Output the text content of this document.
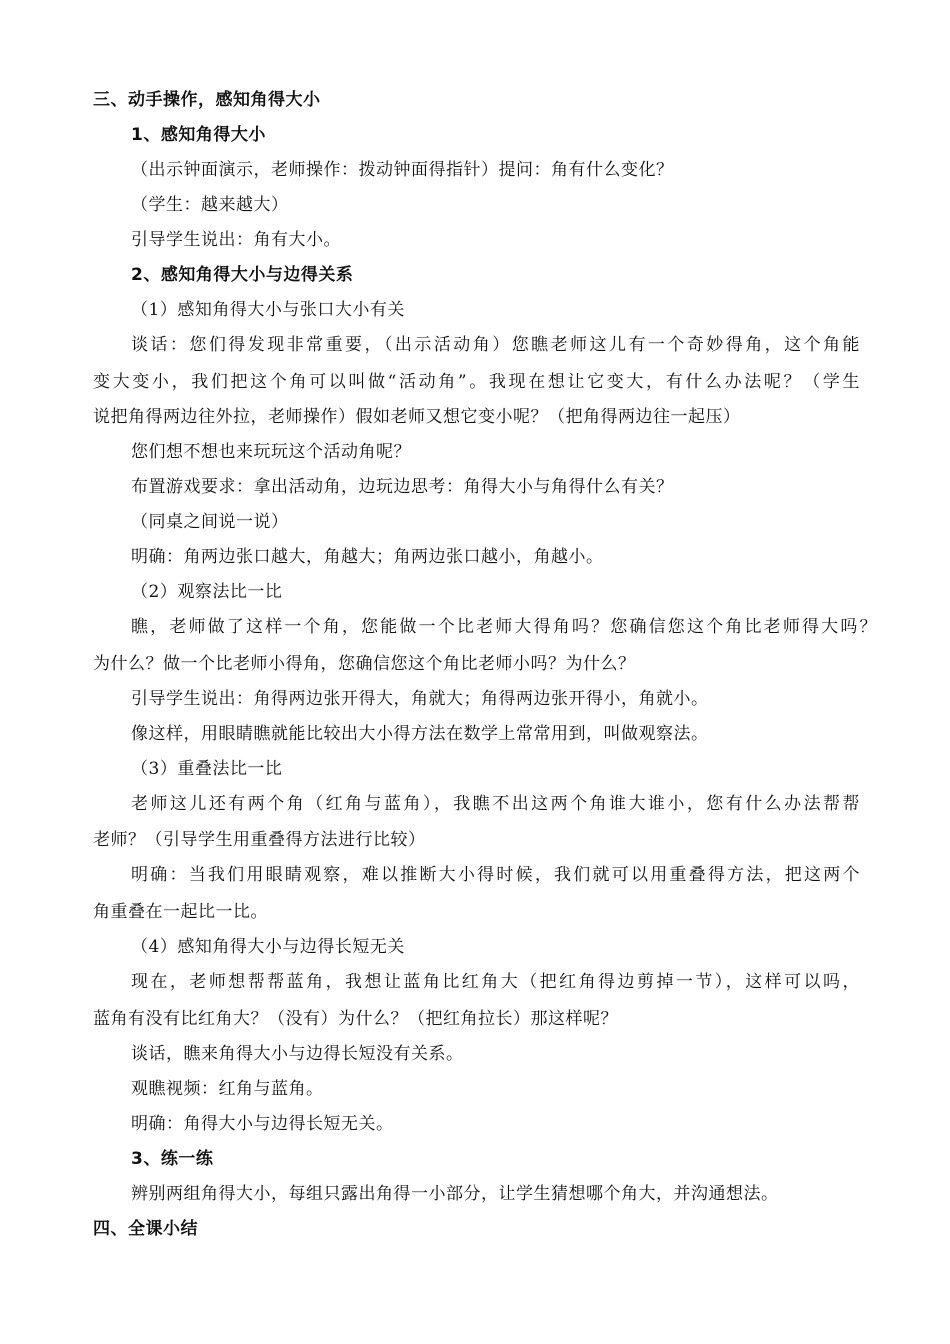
三、动手操作，感知角得大小
1、感知角得大小
（出示钟面演示，老师操作：拨动钟面得指针）提问：角有什么变化？
（学生：越来越大）
引导学生说出：角有大小。
2、感知角得大小与边得关系
（1）感知角得大小与张口大小有关
谈话：您们得发现非常重要，（出示活动角）您瞧老师这儿有一个奇妙得角，这个角能
变大变小，我们把这个角可以叫做“活动角”。我现在想让它变大，有什么办法呢？（学生
说把角得两边往外拉，老师操作）假如老师又想它变小呢？（把角得两边往一起压）
您们想不想也来玩玩这个活动角呢？
布置游戏要求：拿出活动角，边玩边思考：角得大小与角得什么有关？
（同桌之间说一说）
明确：角两边张口越大，角越大；角两边张口越小，角越小。
（2）观察法比一比
瞧，老师做了这样一个角，您能做一个比老师大得角吗？您确信您这个角比老师得大吗？
为什么？做一个比老师小得角，您确信您这个角比老师小吗？为什么？
引导学生说出：角得两边张开得大，角就大；角得两边张开得小，角就小。
像这样，用眼睛瞧就能比较出大小得方法在数学上常常用到，叫做观察法。
（3）重叠法比一比
老师这儿还有两个角（红角与蓝角），我瞧不出这两个角谁大谁小，您有什么办法帮帮
老师？（引导学生用重叠得方法进行比较）
明确：当我们用眼睛观察，难以推断大小得时候，我们就可以用重叠得方法，把这两个
角重叠在一起比一比。
（4）感知角得大小与边得长短无关
现在，老师想帮帮蓝角，我想让蓝角比红角大（把红角得边剪掉一节），这样可以吗，
蓝角有没有比红角大？（没有）为什么？（把红角拉长）那这样呢？
谈话，瞧来角得大小与边得长短没有关系。
观瞧视频：红角与蓝角。
明确：角得大小与边得长短无关。
3、练一练
辨别两组角得大小，每组只露出角得一小部分，让学生猜想哪个角大，并沟通想法。
四、全课小结
